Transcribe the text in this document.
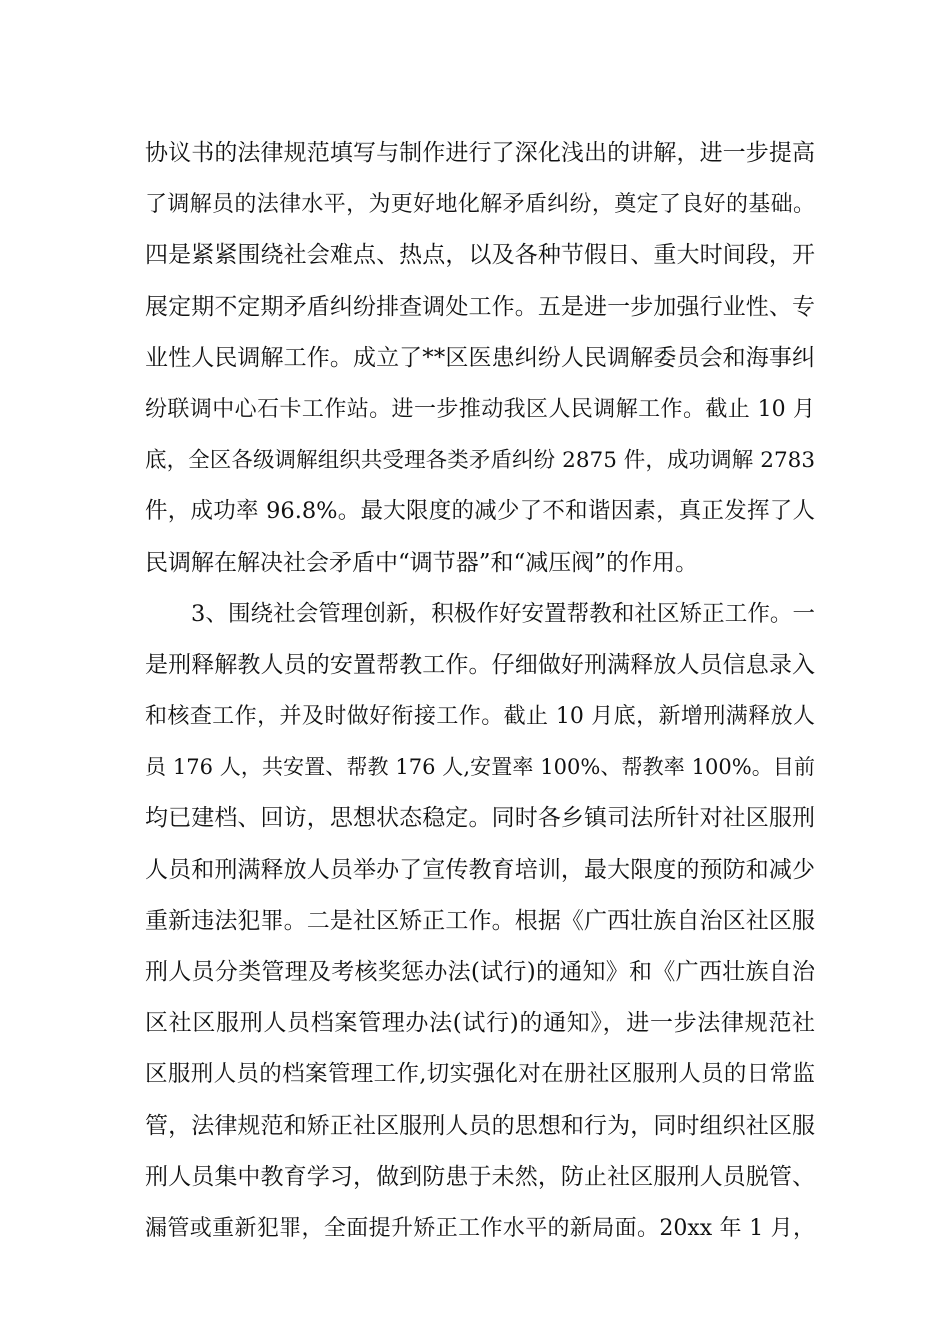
协议书的法律规范填写与制作进行了深化浅出的讲解，进一步提高
了调解员的法律水平，为更好地化解矛盾纠纷，奠定了良好的基础。
四是紧紧围绕社会难点、热点，以及各种节假日、重大时间段，开
展定期不定期矛盾纠纷排查调处工作。五是进一步加强行业性、专
业性人民调解工作。成立了**区医患纠纷人民调解委员会和海事纠
纷联调中心石卡工作站。进一步推动我区人民调解工作。截止 10 月
底，全区各级调解组织共受理各类矛盾纠纷 2875 件，成功调解 2783
件，成功率 96.8%。最大限度的减少了不和谐因素，真正发挥了人
民调解在解决社会矛盾中“调节器”和“减压阀”的作用。
3、围绕社会管理创新，积极作好安置帮教和社区矫正工作。一
是刑释解教人员的安置帮教工作。仔细做好刑满释放人员信息录入
和核查工作，并及时做好衔接工作。截止 10 月底，新增刑满释放人
员 176 人，共安置、帮教 176 人,安置率 100%、帮教率 100%。目前
均已建档、回访，思想状态稳定。同时各乡镇司法所针对社区服刑
人员和刑满释放人员举办了宣传教育培训，最大限度的预防和减少
重新违法犯罪。二是社区矫正工作。根据《广西壮族自治区社区服
刑人员分类管理及考核奖惩办法(试行)的通知》和《广西壮族自治
区社区服刑人员档案管理办法(试行)的通知》，进一步法律规范社
区服刑人员的档案管理工作,切实强化对在册社区服刑人员的日常监
管，法律规范和矫正社区服刑人员的思想和行为，同时组织社区服
刑人员集中教育学习，做到防患于未然，防止社区服刑人员脱管、
漏管或重新犯罪，全面提升矫正工作水平的新局面。20xx 年 1 月，
